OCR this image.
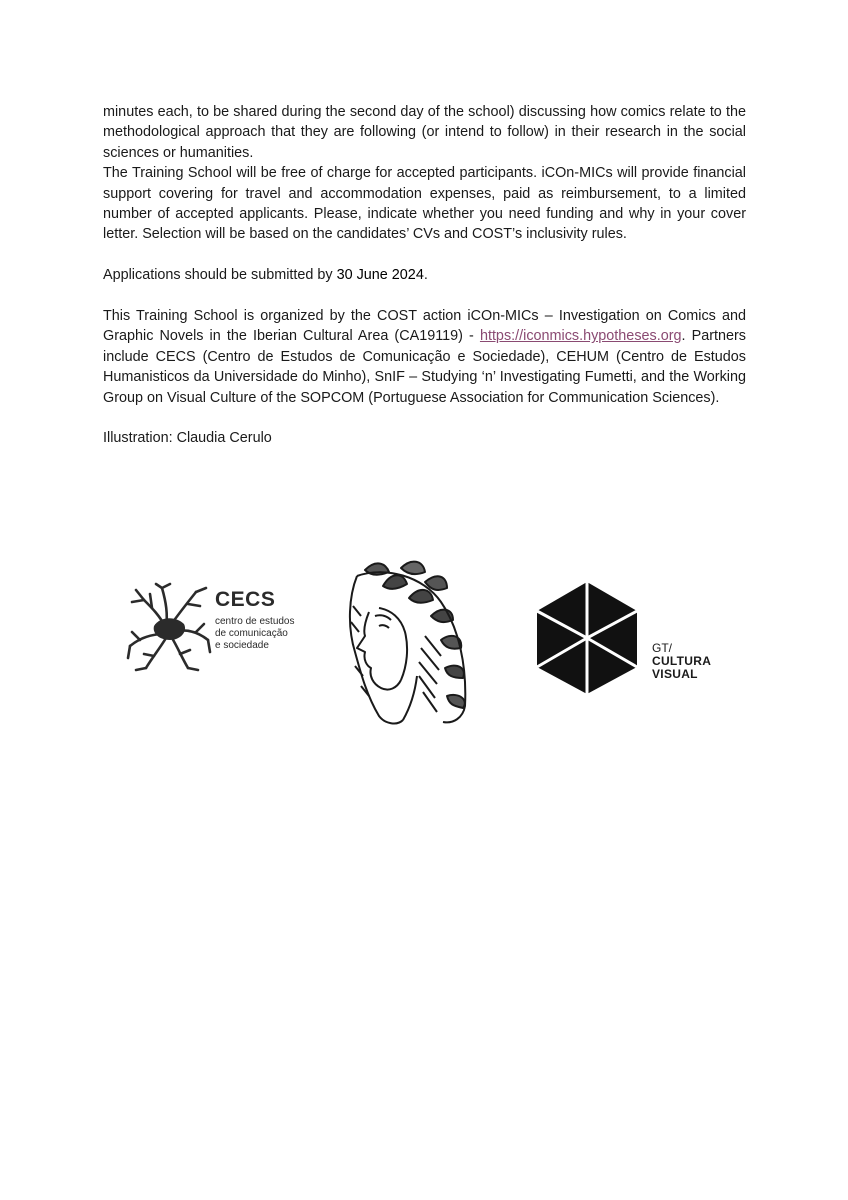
minutes each, to be shared during the second day of the school) discussing how comics relate to the methodological approach that they are following (or intend to follow) in their research in the social sciences or humanities.

The Training School will be free of charge for accepted participants. iCOn-MICs will provide financial support covering for travel and accommodation expenses, paid as reimbursement, to a limited number of accepted applicants. Please, indicate whether you need funding and why in your cover letter. Selection will be based on the candidates’ CVs and COST’s inclusivity rules.

Applications should be submitted by 30 June 2024.

This Training School is organized by the COST action iCOn-MICs – Investigation on Comics and Graphic Novels in the Iberian Cultural Area (CA19119) - https://iconmics.hypotheses.org. Partners include CECS (Centro de Estudos de Comunicação e Sociedade), CEHUM (Centro de Estudos Humanisticos da Universidade do Minho), SnIF – Studying ‘n’ Investigating Fumetti, and the Working Group on Visual Culture of the SOPCOM (Portuguese Association for Communication Sciences).

Illustration: Claudia Cerulo

CECS
centro de estudos
de comunicação
e sociedade	GT/
CULTURA
VISUAL
